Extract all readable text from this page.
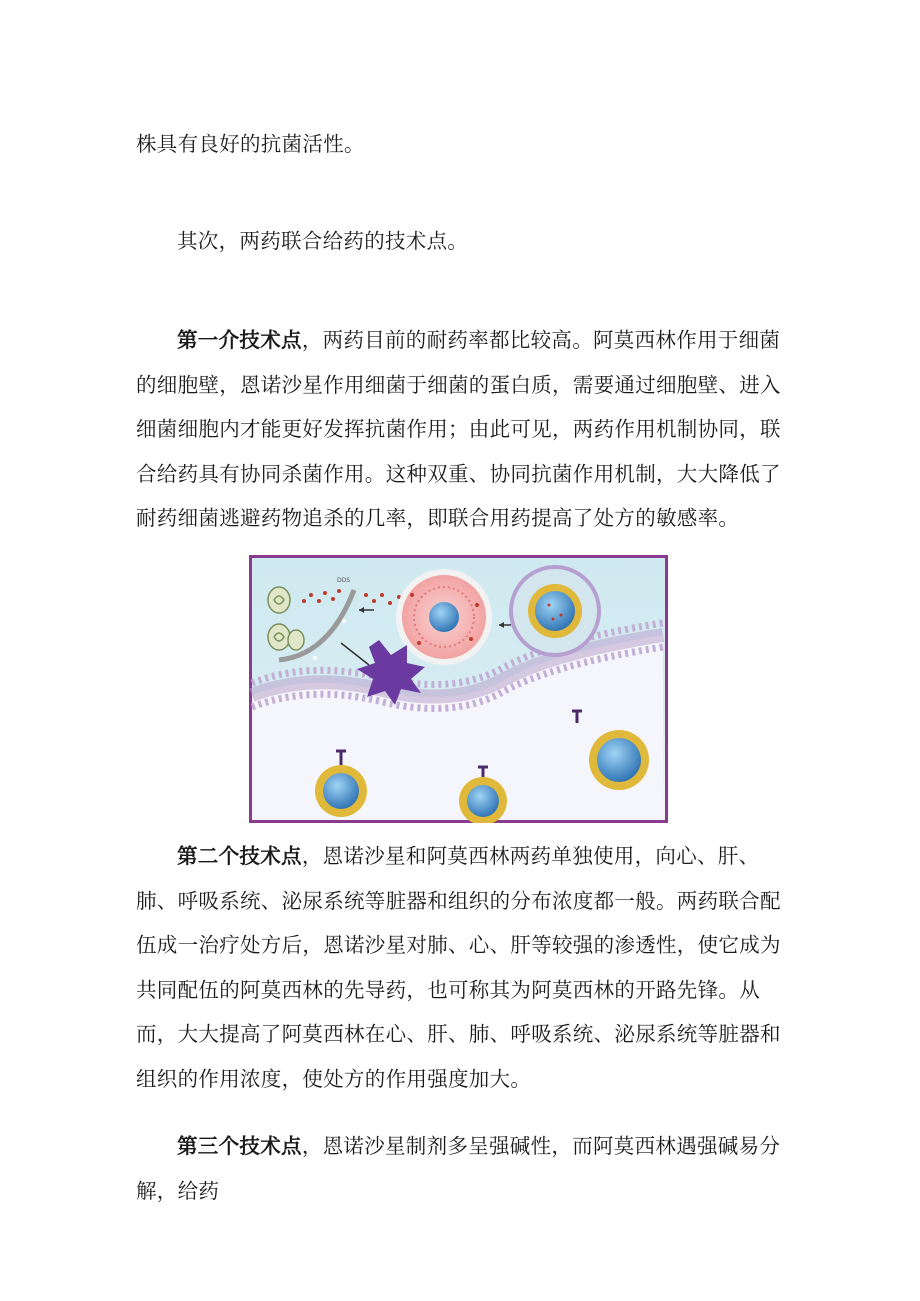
株具有良好的抗菌活性。

其次，两药联合给药的技术点。

第一介技术点，两药目前的耐药率都比较高。阿莫西林作用于细菌的细胞壁，恩诺沙星作用细菌于细菌的蛋白质，需要通过细胞壁、进入细菌细胞内才能更好发挥抗菌作用；由此可见，两药作用机制协同，联合给药具有协同杀菌作用。这种双重、协同抗菌作用机制，大大降低了耐药细菌逃避药物追杀的几率，即联合用药提高了处方的敏感率。

DDS

第二个技术点，恩诺沙星和阿莫西林两药单独使用，向心、肝、肺、呼吸系统、泌尿系统等脏器和组织的分布浓度都一般。两药联合配伍成一治疗处方后，恩诺沙星对肺、心、肝等较强的渗透性，使它成为共同配伍的阿莫西林的先导药，也可称其为阿莫西林的开路先锋。从而，大大提高了阿莫西林在心、肝、肺、呼吸系统、泌尿系统等脏器和组织的作用浓度，使处方的作用强度加大。

第三个技术点，恩诺沙星制剂多呈强碱性，而阿莫西林遇强碱易分解，给药
